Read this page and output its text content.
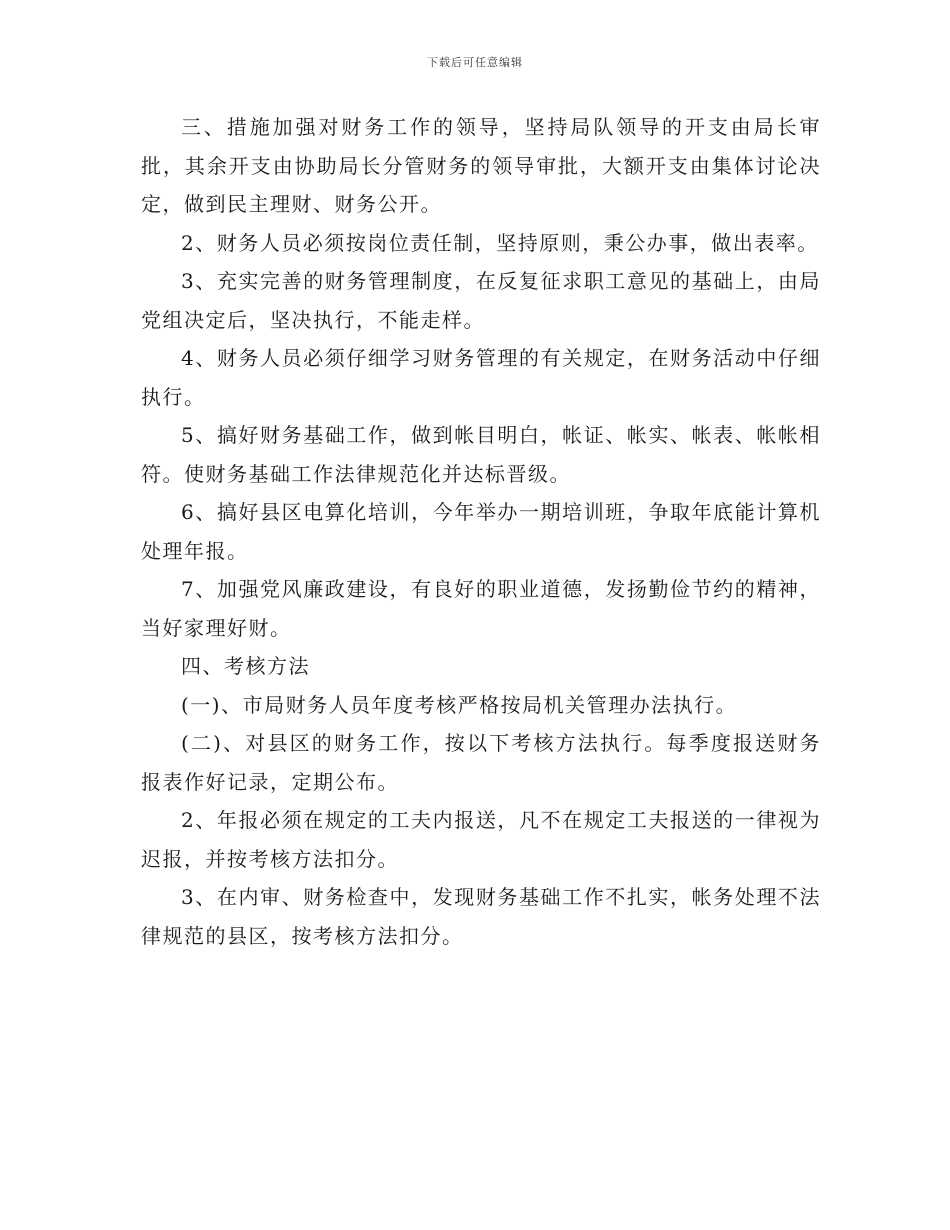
下载后可任意编辑

三、措施加强对财务工作的领导，坚持局队领导的开支由局长审批，其余开支由协助局长分管财务的领导审批，大额开支由集体讨论决定，做到民主理财、财务公开。

2、财务人员必须按岗位责任制，坚持原则，秉公办事，做出表率。

3、充实完善的财务管理制度，在反复征求职工意见的基础上，由局党组决定后，坚决执行，不能走样。

4、财务人员必须仔细学习财务管理的有关规定，在财务活动中仔细执行。

5、搞好财务基础工作，做到帐目明白，帐证、帐实、帐表、帐帐相符。使财务基础工作法律规范化并达标晋级。

6、搞好县区电算化培训，今年举办一期培训班，争取年底能计算机处理年报。

7、加强党风廉政建设，有良好的职业道德，发扬勤俭节约的精神，当好家理好财。

四、考核方法

(一)、市局财务人员年度考核严格按局机关管理办法执行。

(二)、对县区的财务工作，按以下考核方法执行。每季度报送财务报表作好记录，定期公布。

2、年报必须在规定的工夫内报送，凡不在规定工夫报送的一律视为迟报，并按考核方法扣分。

3、在内审、财务检查中，发现财务基础工作不扎实，帐务处理不法律规范的县区，按考核方法扣分。
